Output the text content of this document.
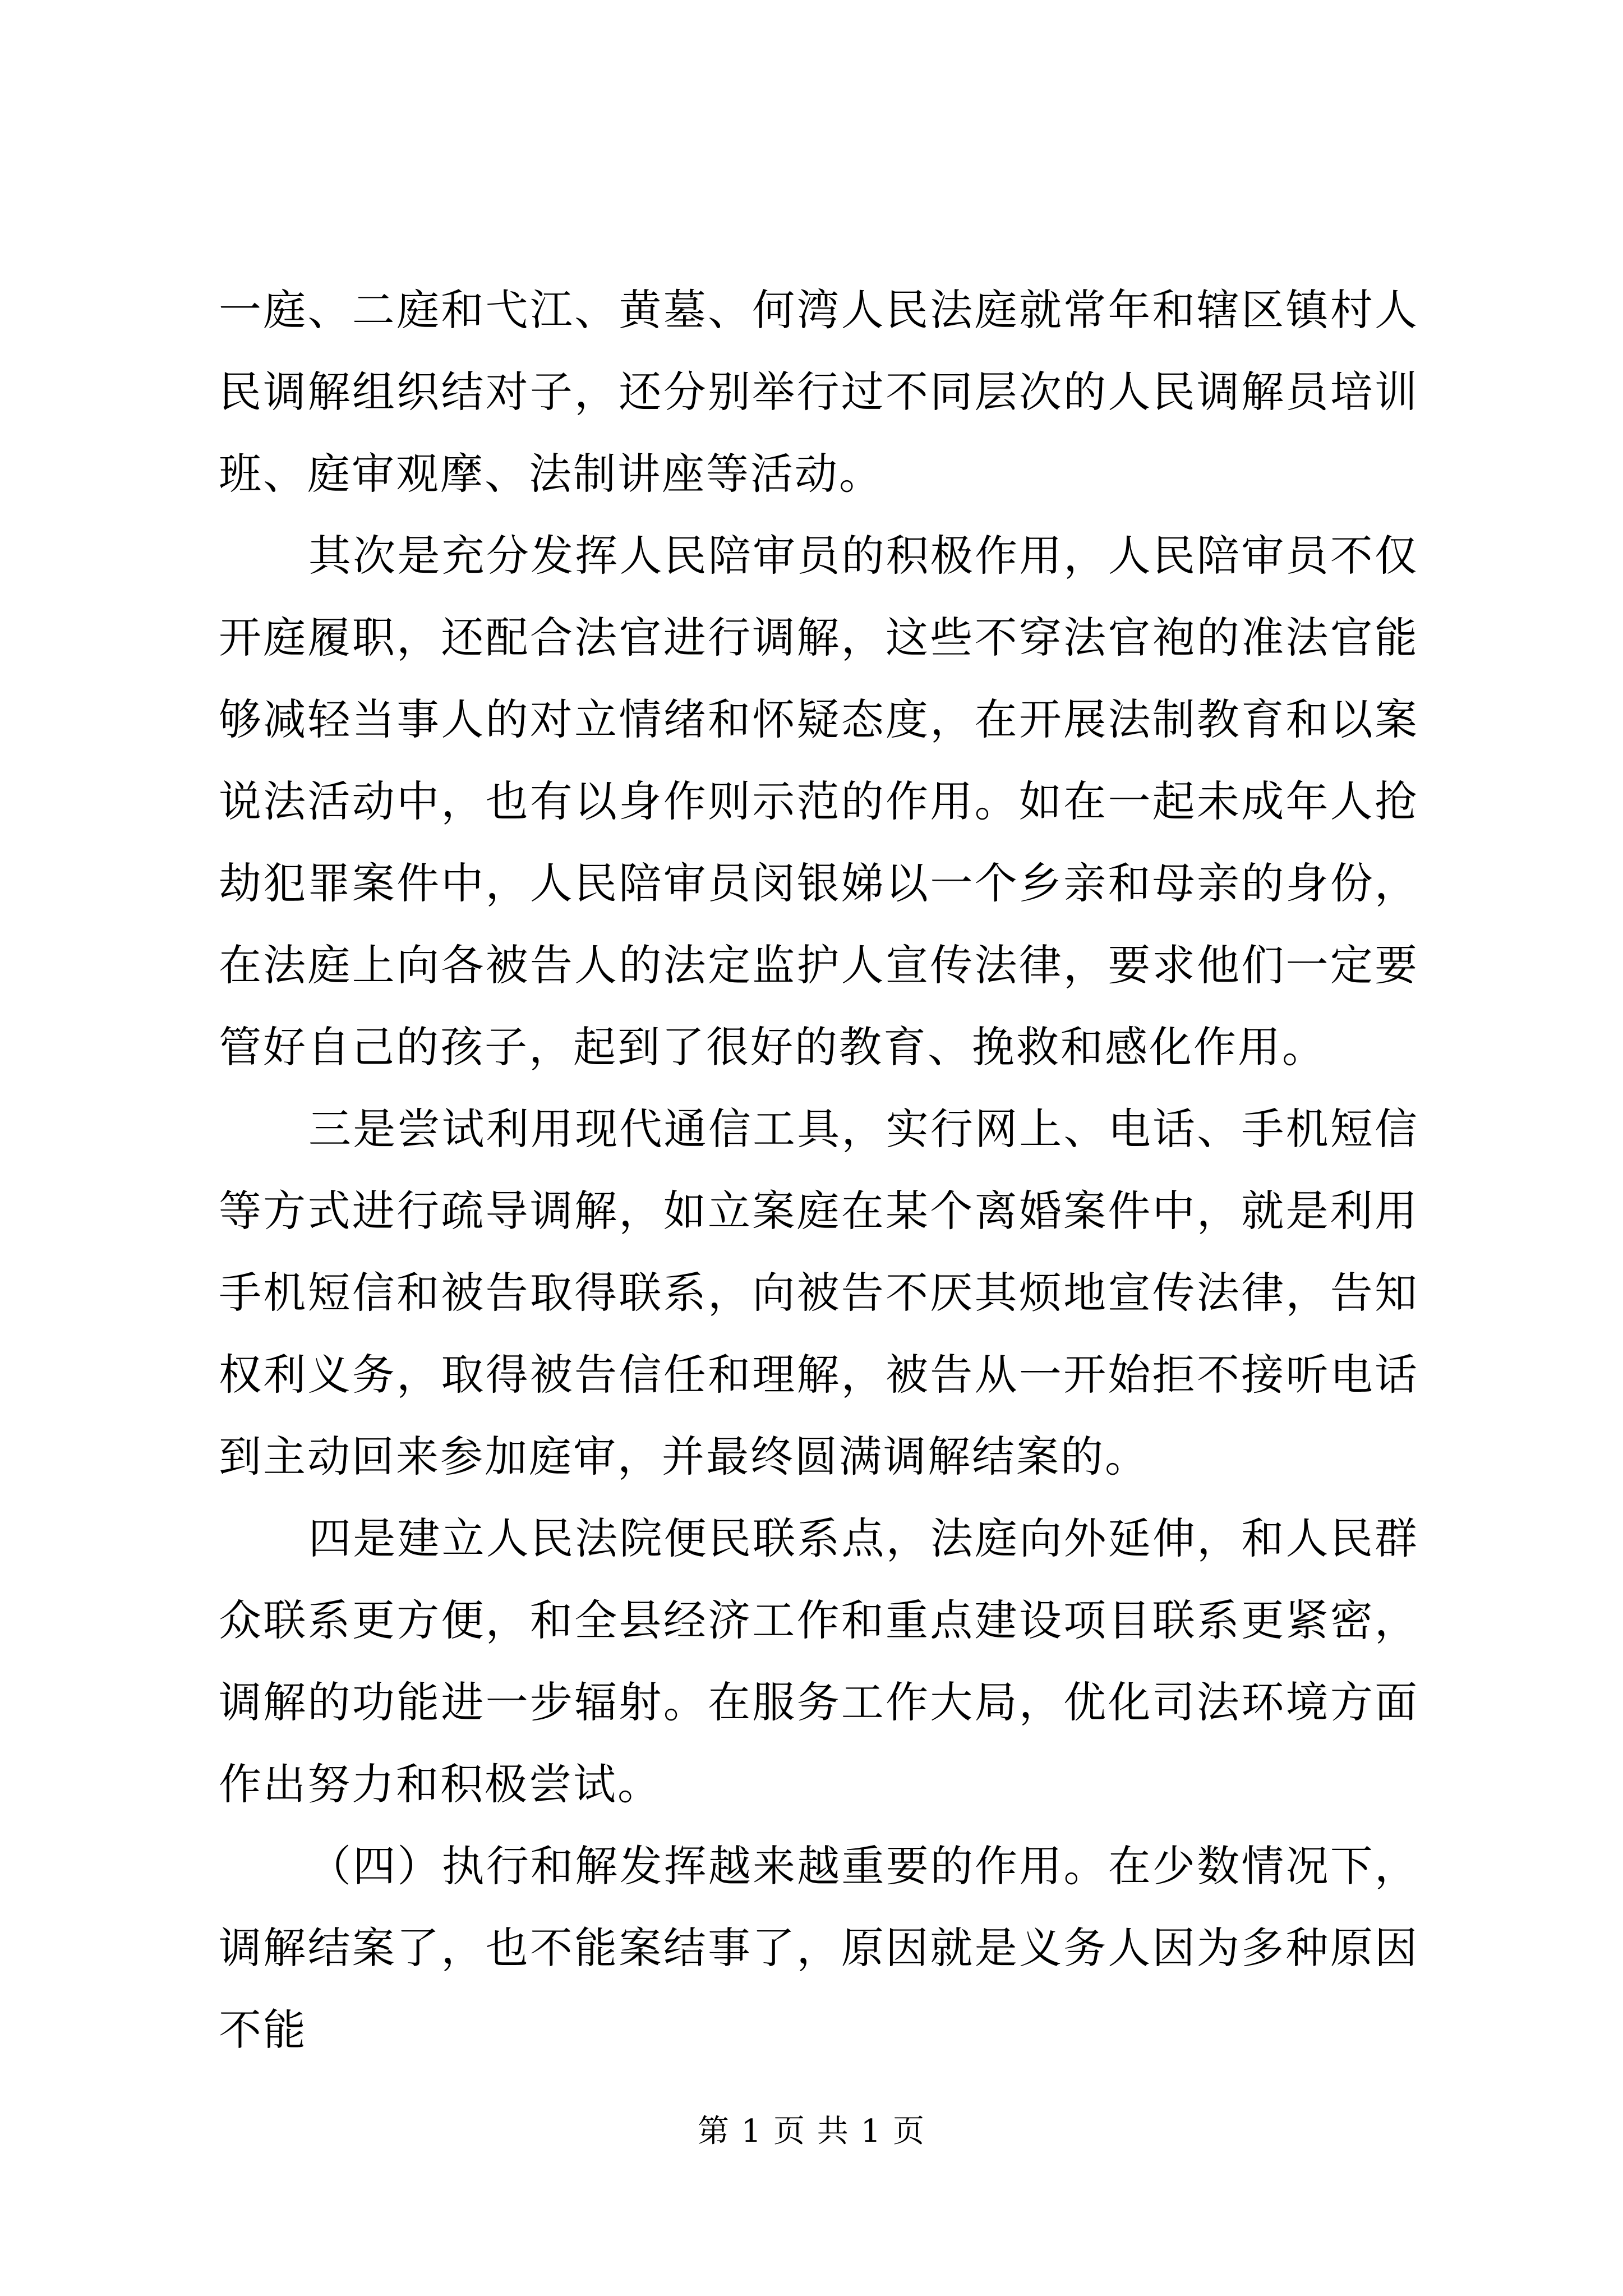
一庭、二庭和弋江、黄墓、何湾人民法庭就常年和辖区镇村人民调解组织结对子，还分别举行过不同层次的人民调解员培训班、庭审观摩、法制讲座等活动。

其次是充分发挥人民陪审员的积极作用，人民陪审员不仅开庭履职，还配合法官进行调解，这些不穿法官袍的准法官能够减轻当事人的对立情绪和怀疑态度，在开展法制教育和以案说法活动中，也有以身作则示范的作用。如在一起未成年人抢劫犯罪案件中，人民陪审员闵银娣以一个乡亲和母亲的身份，在法庭上向各被告人的法定监护人宣传法律，要求他们一定要管好自己的孩子，起到了很好的教育、挽救和感化作用。

三是尝试利用现代通信工具，实行网上、电话、手机短信等方式进行疏导调解，如立案庭在某个离婚案件中，就是利用手机短信和被告取得联系，向被告不厌其烦地宣传法律，告知权利义务，取得被告信任和理解，被告从一开始拒不接听电话到主动回来参加庭审，并最终圆满调解结案的。

四是建立人民法院便民联系点，法庭向外延伸，和人民群众联系更方便，和全县经济工作和重点建设项目联系更紧密，调解的功能进一步辐射。在服务工作大局，优化司法环境方面作出努力和积极尝试。

（四）执行和解发挥越来越重要的作用。在少数情况下，调解结案了，也不能案结事了，原因就是义务人因为多种原因不能

第 1 页 共 1 页
